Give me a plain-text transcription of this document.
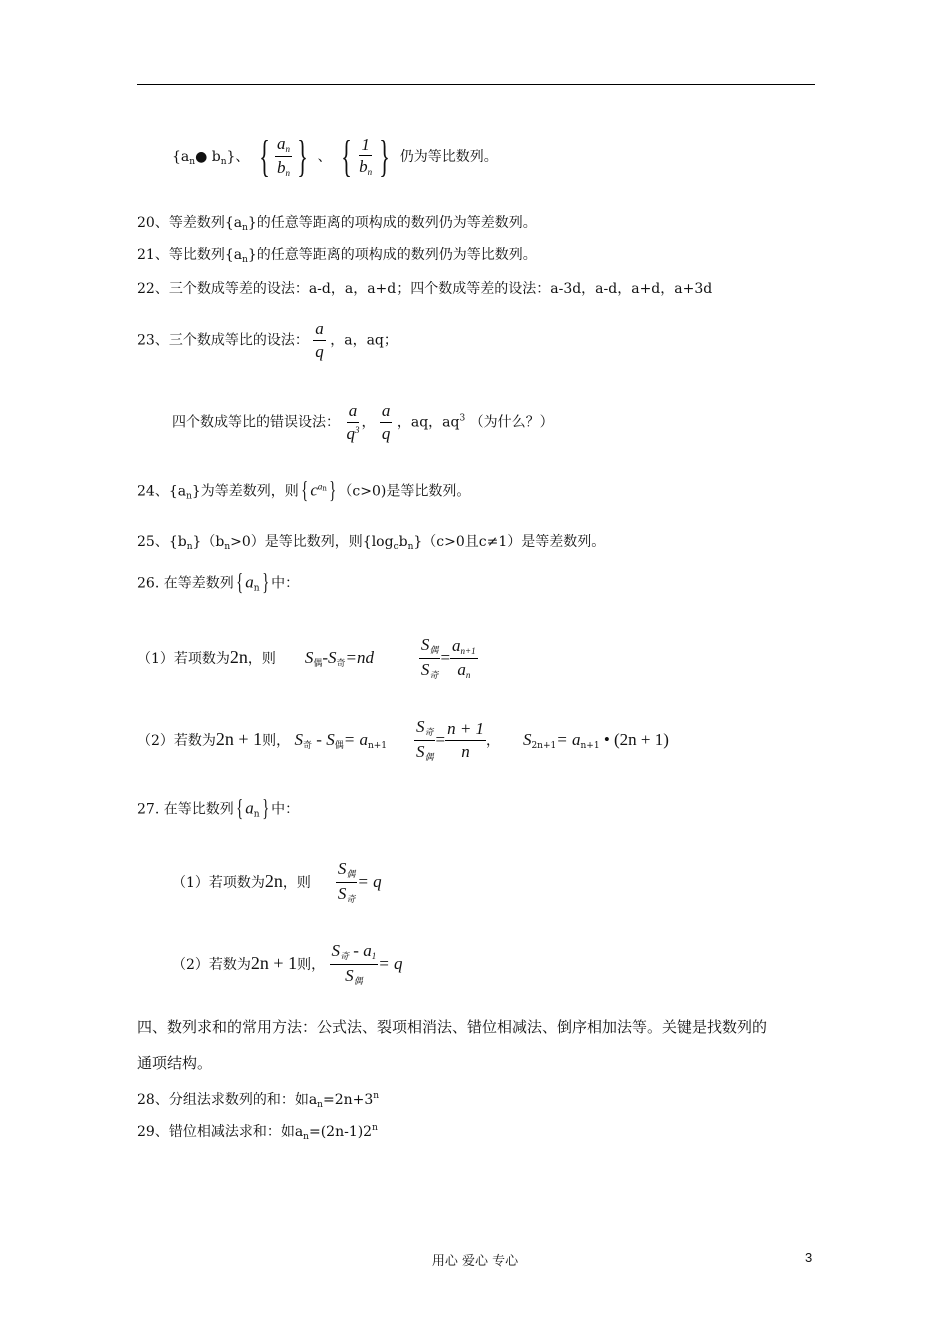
{$a_n●$ $b_n$}、 { $\frac{a_n}{b_n}$ } 、 { $\frac{1}{b_n}$ } 仍为等比数列。
20、等差数列$\{a_n\}$的任意等距离的项构成的数列仍为等差数列。
21、等比数列$\{a_n\}$的任意等距离的项构成的数列仍为等比数列。
22、三个数成等差的设法：a-d，a，a+d；四个数成等差的设法：a-3d，a-d，a+d，a+3d
23、三个数成等比的设法： $\frac{a}{q}$ ，a，aq；
四个数成等比的错误设法： $\frac{a}{q^3}$ ， $\frac{a}{q}$ ，aq，$aq^3$ （为什么？）
24、$\{a_n\}$为等差数列，则{ $c^{an}$} （c>0)是等比数列。
25、$\{b_n\}(b_n>0)$是等比数列，则$\{\log_cb_n\}(c>0$且c≠1）是等差数列。
26. 在等差数列{ $a_n$} 中：
（1）若项数为2n，则 $S_偶-S_奇=nd$	$\frac{S_偶}{S_奇} = \frac{a_{n+1}}{a_n}$
（2）若数为2n + 1则， $S_奇 - S_偶= a_{n+1} \frac{S_奇}{S_偶} = \frac{n + 1}{n}$ ， $S_{2n+1}= a_{n+1}$ • (2n + 1)
27. 在等比数列{ $a_n$} 中：
（1）若项数为2n，则 $\frac{S_偶}{S_奇} = q$
（2）若数为2n + 1则， $\frac{S_奇 - a_1}{S_偶} = q$
四、数列求和的常用方法：公式法、裂项相消法、错位相减法、倒序相加法等。关键是找数列的
通项结构。
28、分组法求数列的和：如$a_n=2n+3^n$
29、错位相减法求和：如$a_n=(2n-1)2^n$
用心 爱心 专心	3
